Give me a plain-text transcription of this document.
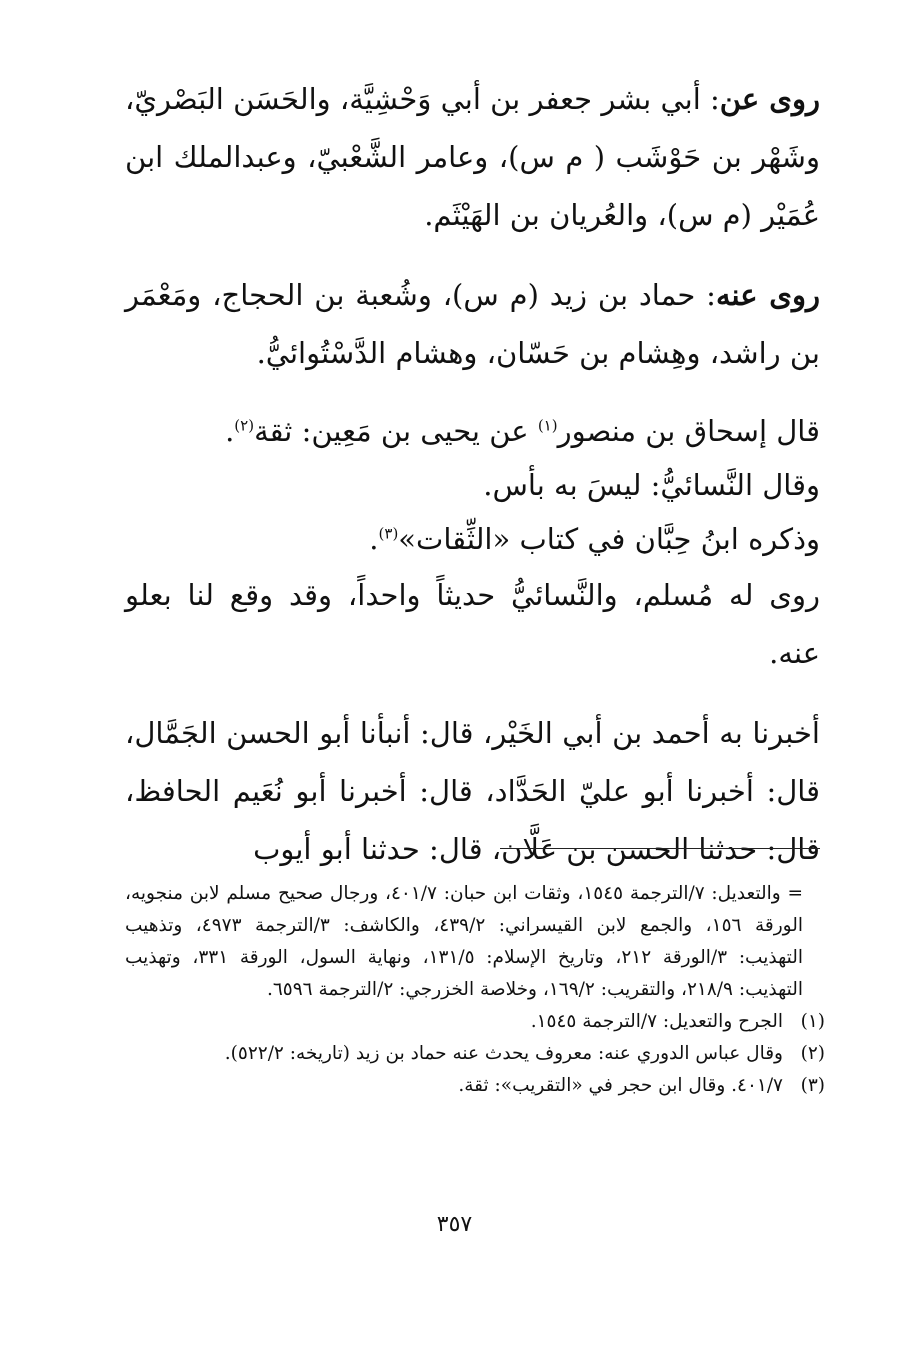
روى عن: أبي بشر جعفر بن أبي وَحْشِيَّة، والحَسَن البَصْريّ، وشَهْر بن حَوْشَب ( م س)، وعامر الشَّعْبيّ، وعبدالملك ابن عُمَيْر (م س)، والعُريان بن الهَيْثَم.

روى عنه: حماد بن زيد (م س)، وشُعبة بن الحجاج، ومَعْمَر بن راشد، وهِشام بن حَسّان، وهشام الدَّسْتُوائيُّ.

قال إسحاق بن منصور$^{(١)}$ عن يحيى بن مَعِين: ثقة$^{(٢)}$.

وقال النَّسائيُّ: ليسَ به بأس.

وذكره ابنُ حِبَّان في كتاب «الثِّقات»$^{(٣)}$.

روى له مُسلم، والنَّسائيُّ حديثاً واحداً، وقد وقع لنا بعلو عنه.

أخبرنا به أحمد بن أبي الخَيْر، قال: أنبأنا أبو الحسن الجَمَّال، قال: أخبرنا أبو عليّ الحَدَّاد، قال: أخبرنا أبو نُعَيم الحافظ، قال: حدثنا الحسن بن عَلَّان، قال: حدثنا أبو أيوب

= والتعديل: ٧/الترجمة ١٥٤٥، وثقات ابن حبان: ٤٠١/٧، ورجال صحيح مسلم لابن منجويه، الورقة ١٥٦، والجمع لابن القيسراني: ٤٣٩/٢، والكاشف: ٣/الترجمة ٤٩٧٣، وتذهيب التهذيب: ٣/الورقة ٢١٢، وتاريخ الإسلام: ١٣١/٥، ونهاية السول، الورقة ٣٣١، وتهذيب التهذيب: ٢١٨/٩، والتقريب: ١٦٩/٢، وخلاصة الخزرجي: ٢/الترجمة ٦٥٩٦.

(١)
الجرح والتعديل: ٧/الترجمة ١٥٤٥.
(٢)
وقال عباس الدوري عنه: معروف يحدث عنه حماد بن زيد (تاريخه: ٥٢٢/٢).
(٣)
٤٠١/٧. وقال ابن حجر في «التقريب»: ثقة.
٣٥٧
